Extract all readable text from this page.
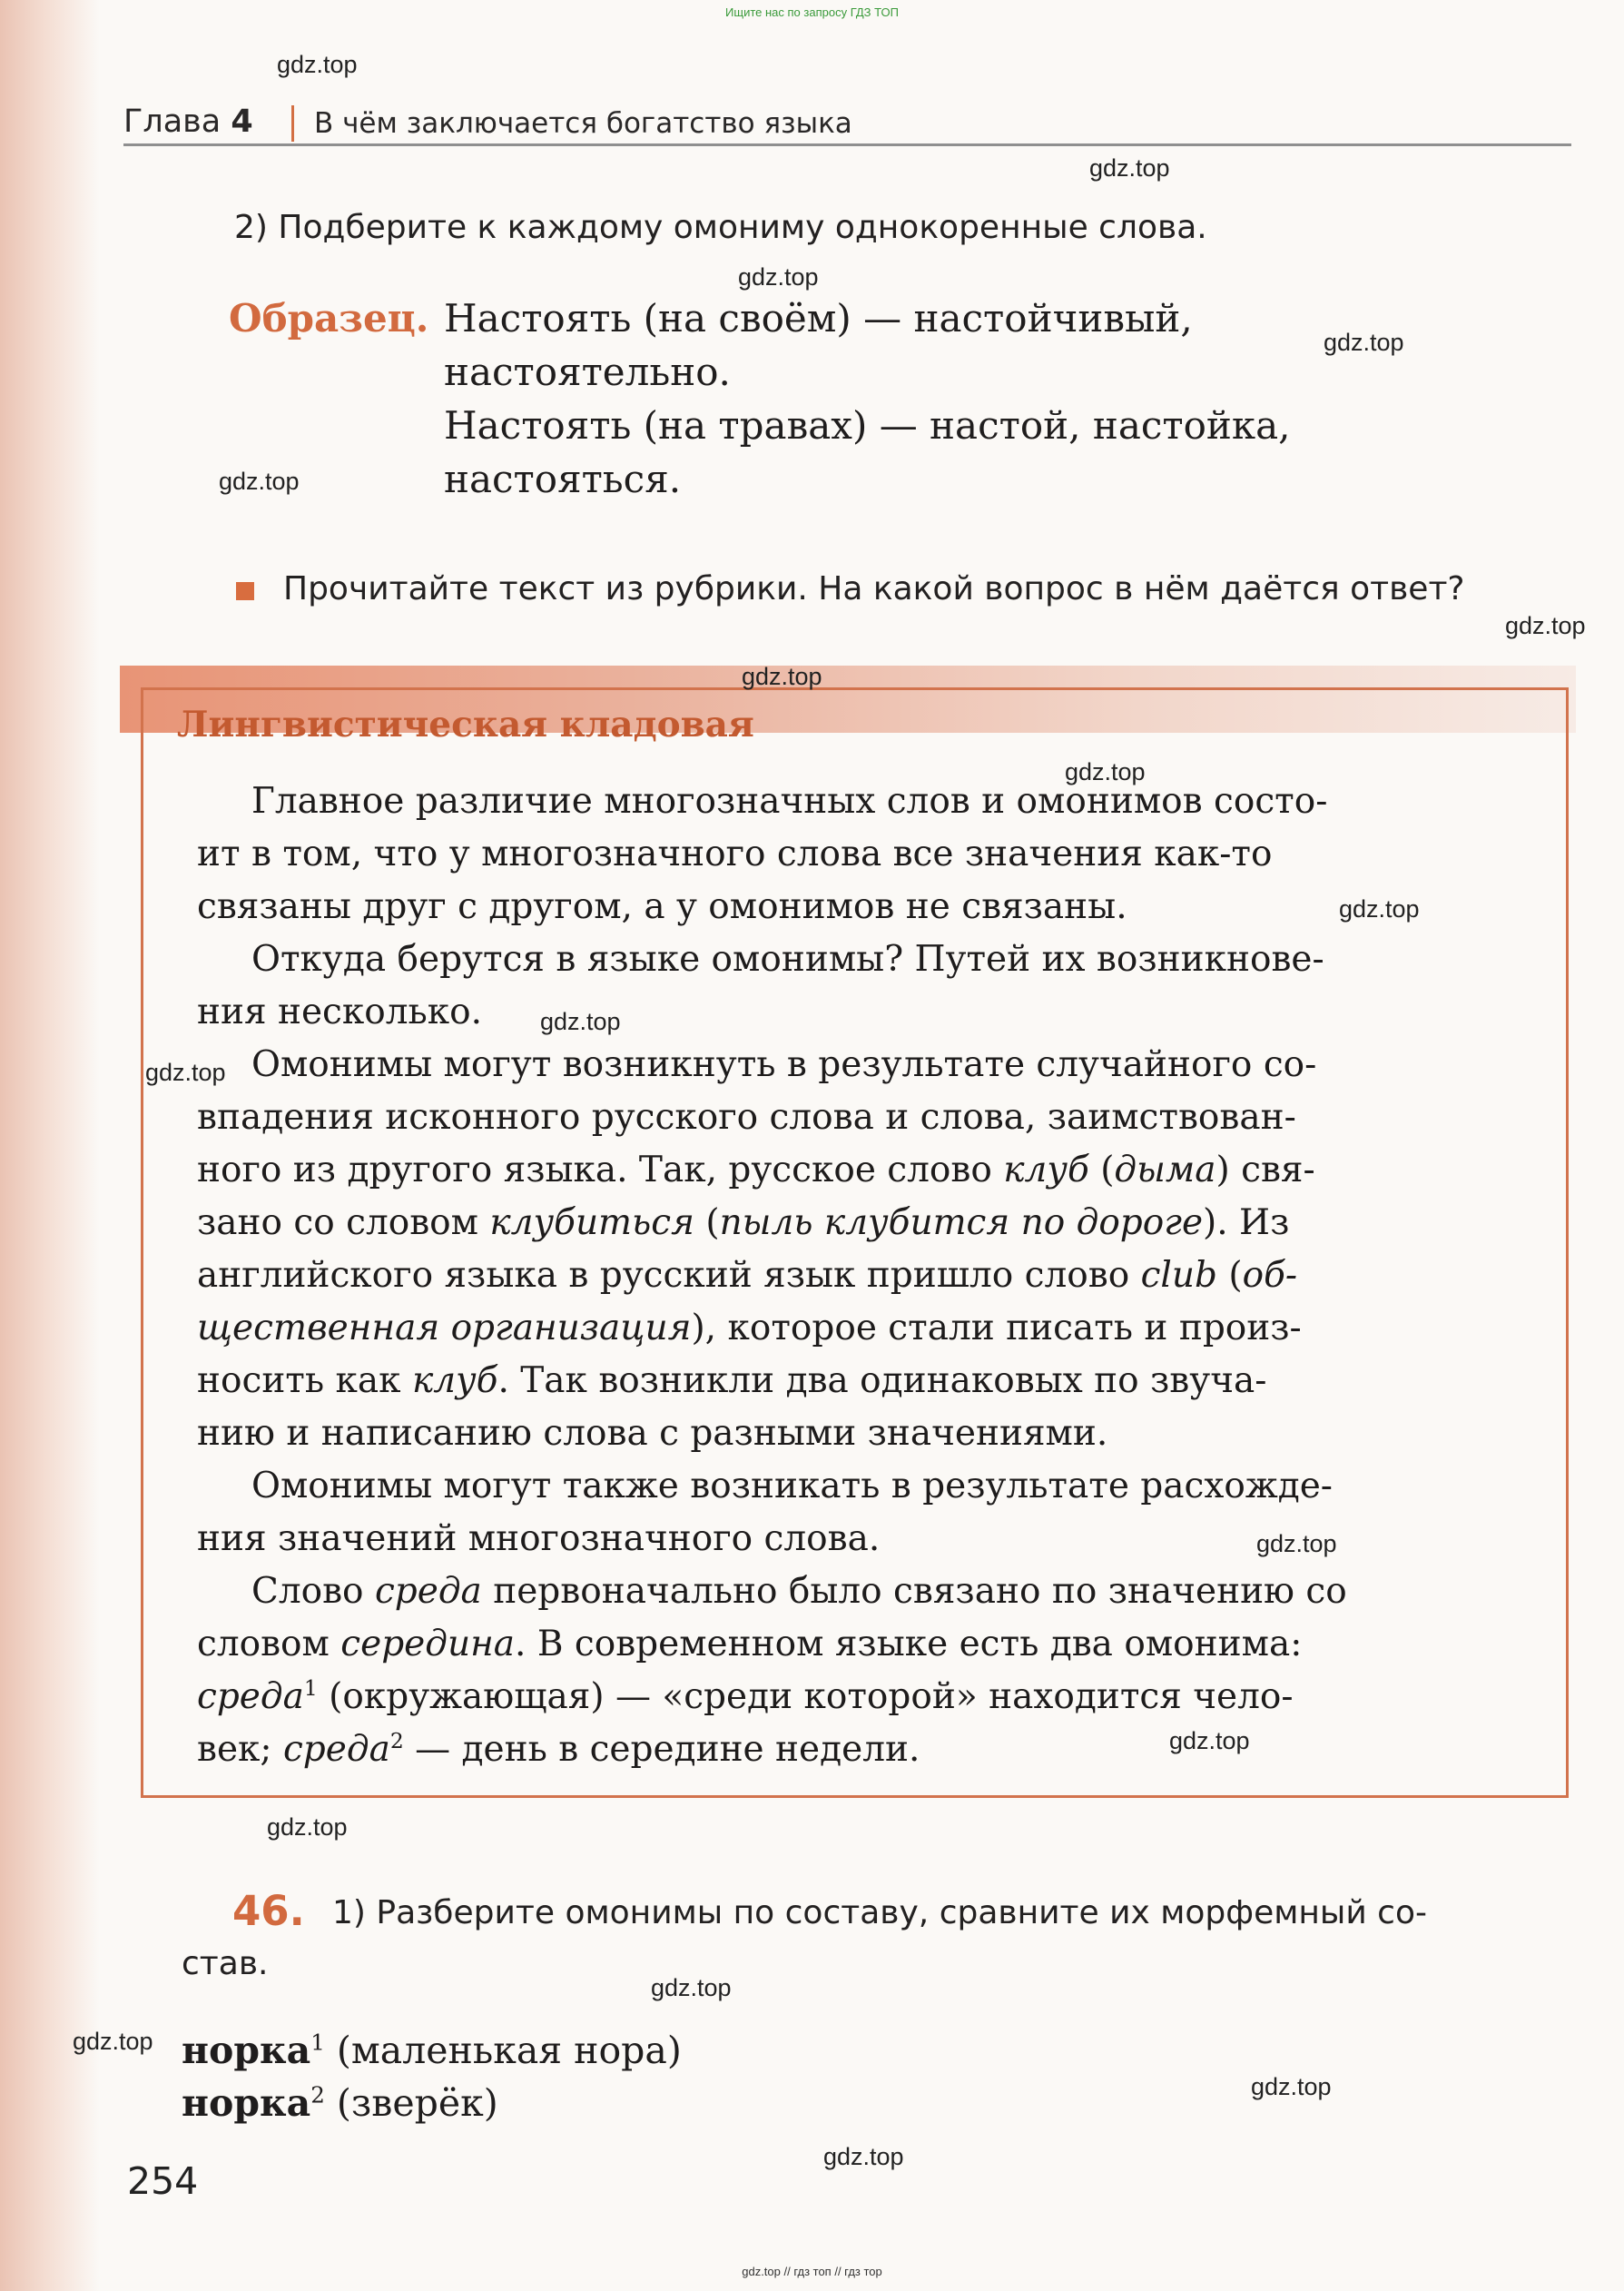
Ищите нас по запросу ГДЗ ТОП
Глава 4 В чём заключается богатство языка
2) Подберите к каждому омониму однокоренные слова.
Образец. Настоять (на своём) — настойчивый,
настоятельно.
Настоять (на травах) — настой, настойка,
настояться.
Прочитайте текст из рубрики. На какой вопрос в нём даётся ответ?
Лингвистическая кладовая
Главное различие многозначных слов и омонимов состо-
ит в том, что у многозначного слова все значения как-то
связаны друг с другом, а у омонимов не связаны.
Откуда берутся в языке омонимы? Путей их возникнове-
ния несколько.
Омонимы могут возникнуть в результате случайного со-
впадения исконного русского слова и слова, заимствован-
ного из другого языка. Так, русское слово клуб (дыма) свя-
зано со словом клубиться (пыль клубится по дороге). Из
английского языка в русский язык пришло слово club (об-
щественная организация), которое стали писать и произ-
носить как клуб. Так возникли два одинаковых по звуча-
нию и написанию слова с разными значениями.
Омонимы могут также возникать в результате расхожде-
ния значений многозначного слова.
Слово среда первоначально было связано по значению со
словом середина. В современном языке есть два омонима:
среда$^1$ (окружающая) — «среди которой» находится чело-
век; среда$^2$ — день в середине недели.
46. 1) Разберите омонимы по составу, сравните их морфемный со-
став.
норка$^1$ (маленькая нора)
норка$^2$ (зверёк)
254
gdz.top
gdz.top
gdz.top
gdz.top
gdz.top
gdz.top
gdz.top
gdz.top
gdz.top
gdz.top
gdz.top
gdz.top
gdz.top
gdz.top
gdz.top
gdz.top
gdz.top
gdz.top
gdz.top // гдз топ // гдз тор
